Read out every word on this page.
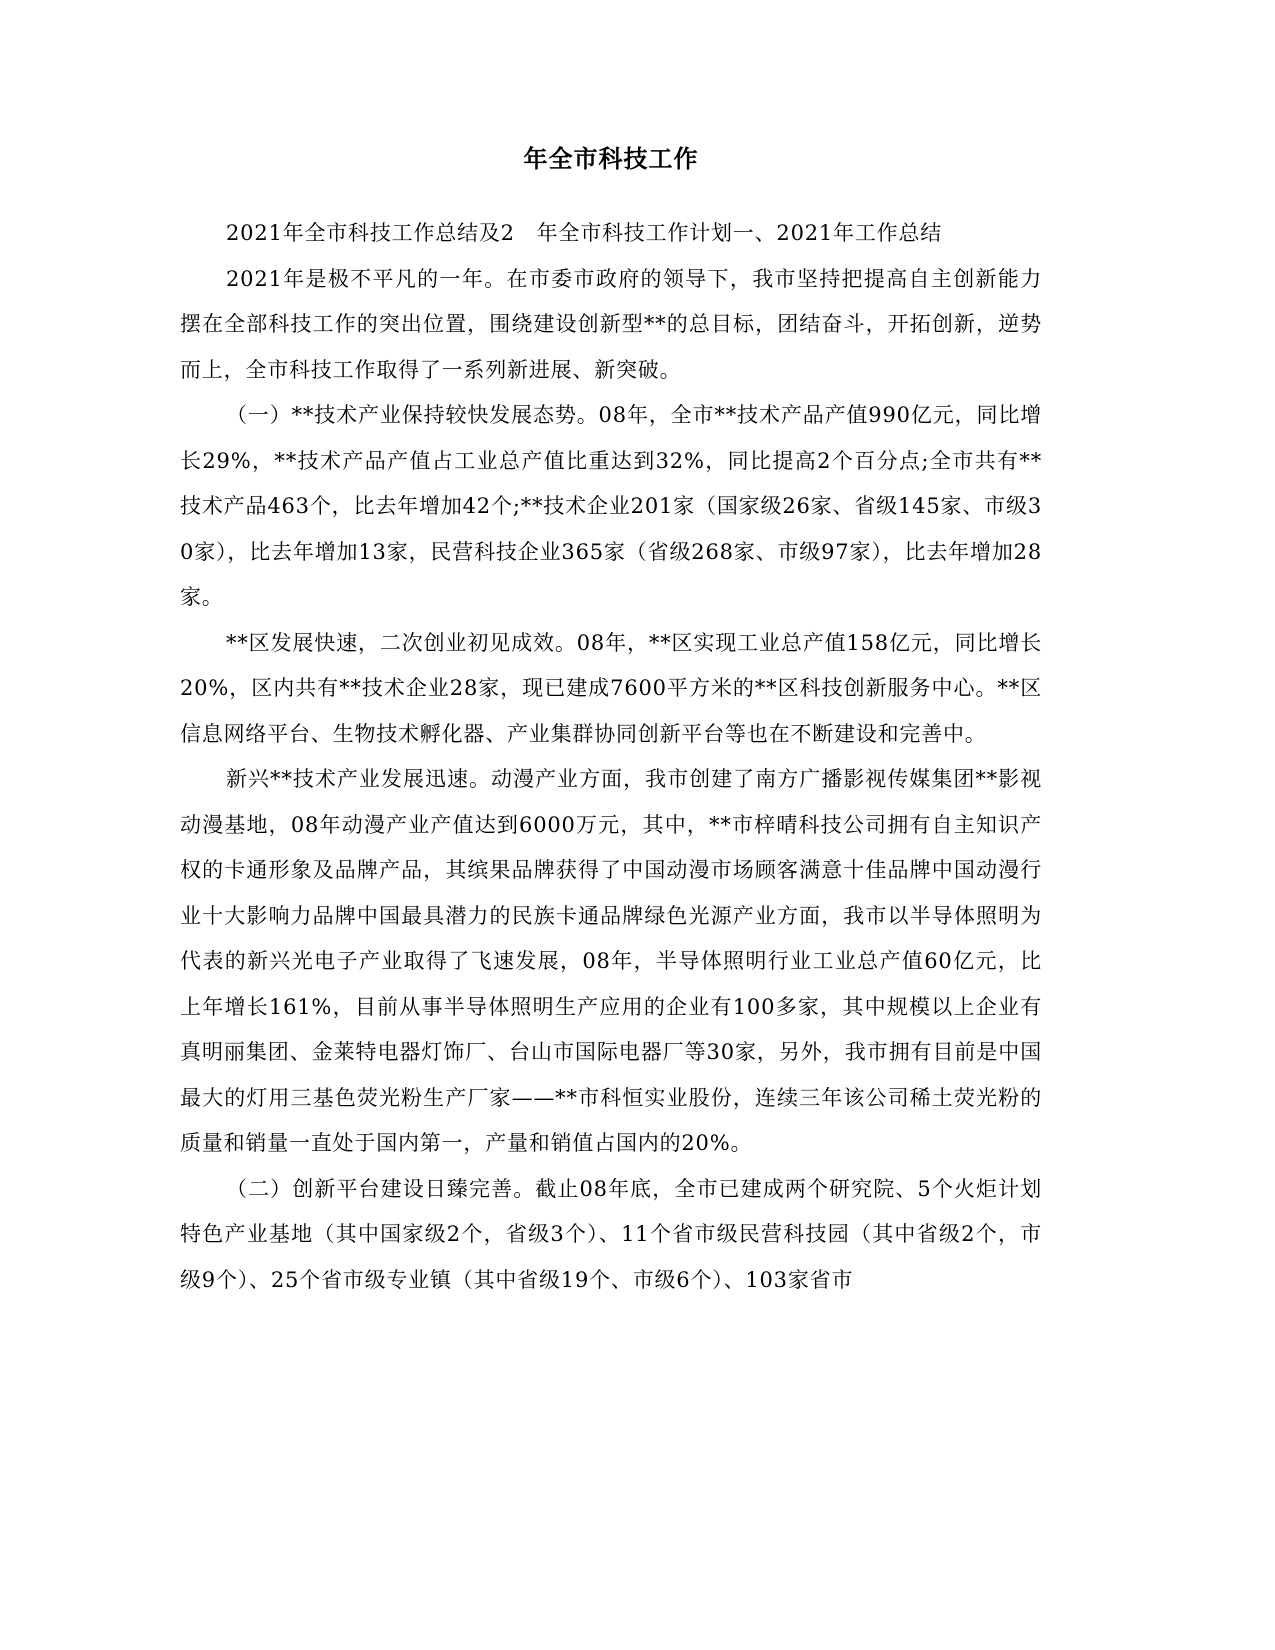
年全市科技工作

2021年全市科技工作总结及2　年全市科技工作计划一、2021年工作总结

2021年是极不平凡的一年。在市委市政府的领导下，我市坚持把提高自主创新能力摆在全部科技工作的突出位置，围绕建设创新型**的总目标，团结奋斗，开拓创新，逆势而上，全市科技工作取得了一系列新进展、新突破。

（一）**技术产业保持较快发展态势。08年，全市**技术产品产值990亿元，同比增长29%，**技术产品产值占工业总产值比重达到32%，同比提高2个百分点;全市共有**技术产品463个，比去年增加42个;**技术企业201家（国家级26家、省级145家、市级30家），比去年增加13家，民营科技企业365家（省级268家、市级97家），比去年增加28家。

**区发展快速，二次创业初见成效。08年，**区实现工业总产值158亿元，同比增长20%，区内共有**技术企业28家，现已建成7600平方米的**区科技创新服务中心。**区信息网络平台、生物技术孵化器、产业集群协同创新平台等也在不断建设和完善中。

新兴**技术产业发展迅速。动漫产业方面，我市创建了南方广播影视传媒集团**影视动漫基地，08年动漫产业产值达到6000万元，其中，**市梓晴科技公司拥有自主知识产权的卡通形象及品牌产品，其缤果品牌获得了中国动漫市场顾客满意十佳品牌中国动漫行业十大影响力品牌中国最具潜力的民族卡通品牌绿色光源产业方面，我市以半导体照明为代表的新兴光电子产业取得了飞速发展，08年，半导体照明行业工业总产值60亿元，比上年增长161%，目前从事半导体照明生产应用的企业有100多家，其中规模以上企业有真明丽集团、金莱特电器灯饰厂、台山市国际电器厂等30家，另外，我市拥有目前是中国最大的灯用三基色荧光粉生产厂家——**市科恒实业股份，连续三年该公司稀土荧光粉的质量和销量一直处于国内第一，产量和销值占国内的20%。

（二）创新平台建设日臻完善。截止08年底，全市已建成两个研究院、5个火炬计划特色产业基地（其中国家级2个，省级3个）、11个省市级民营科技园（其中省级2个，市级9个）、25个省市级专业镇（其中省级19个、市级6个）、103家省市
